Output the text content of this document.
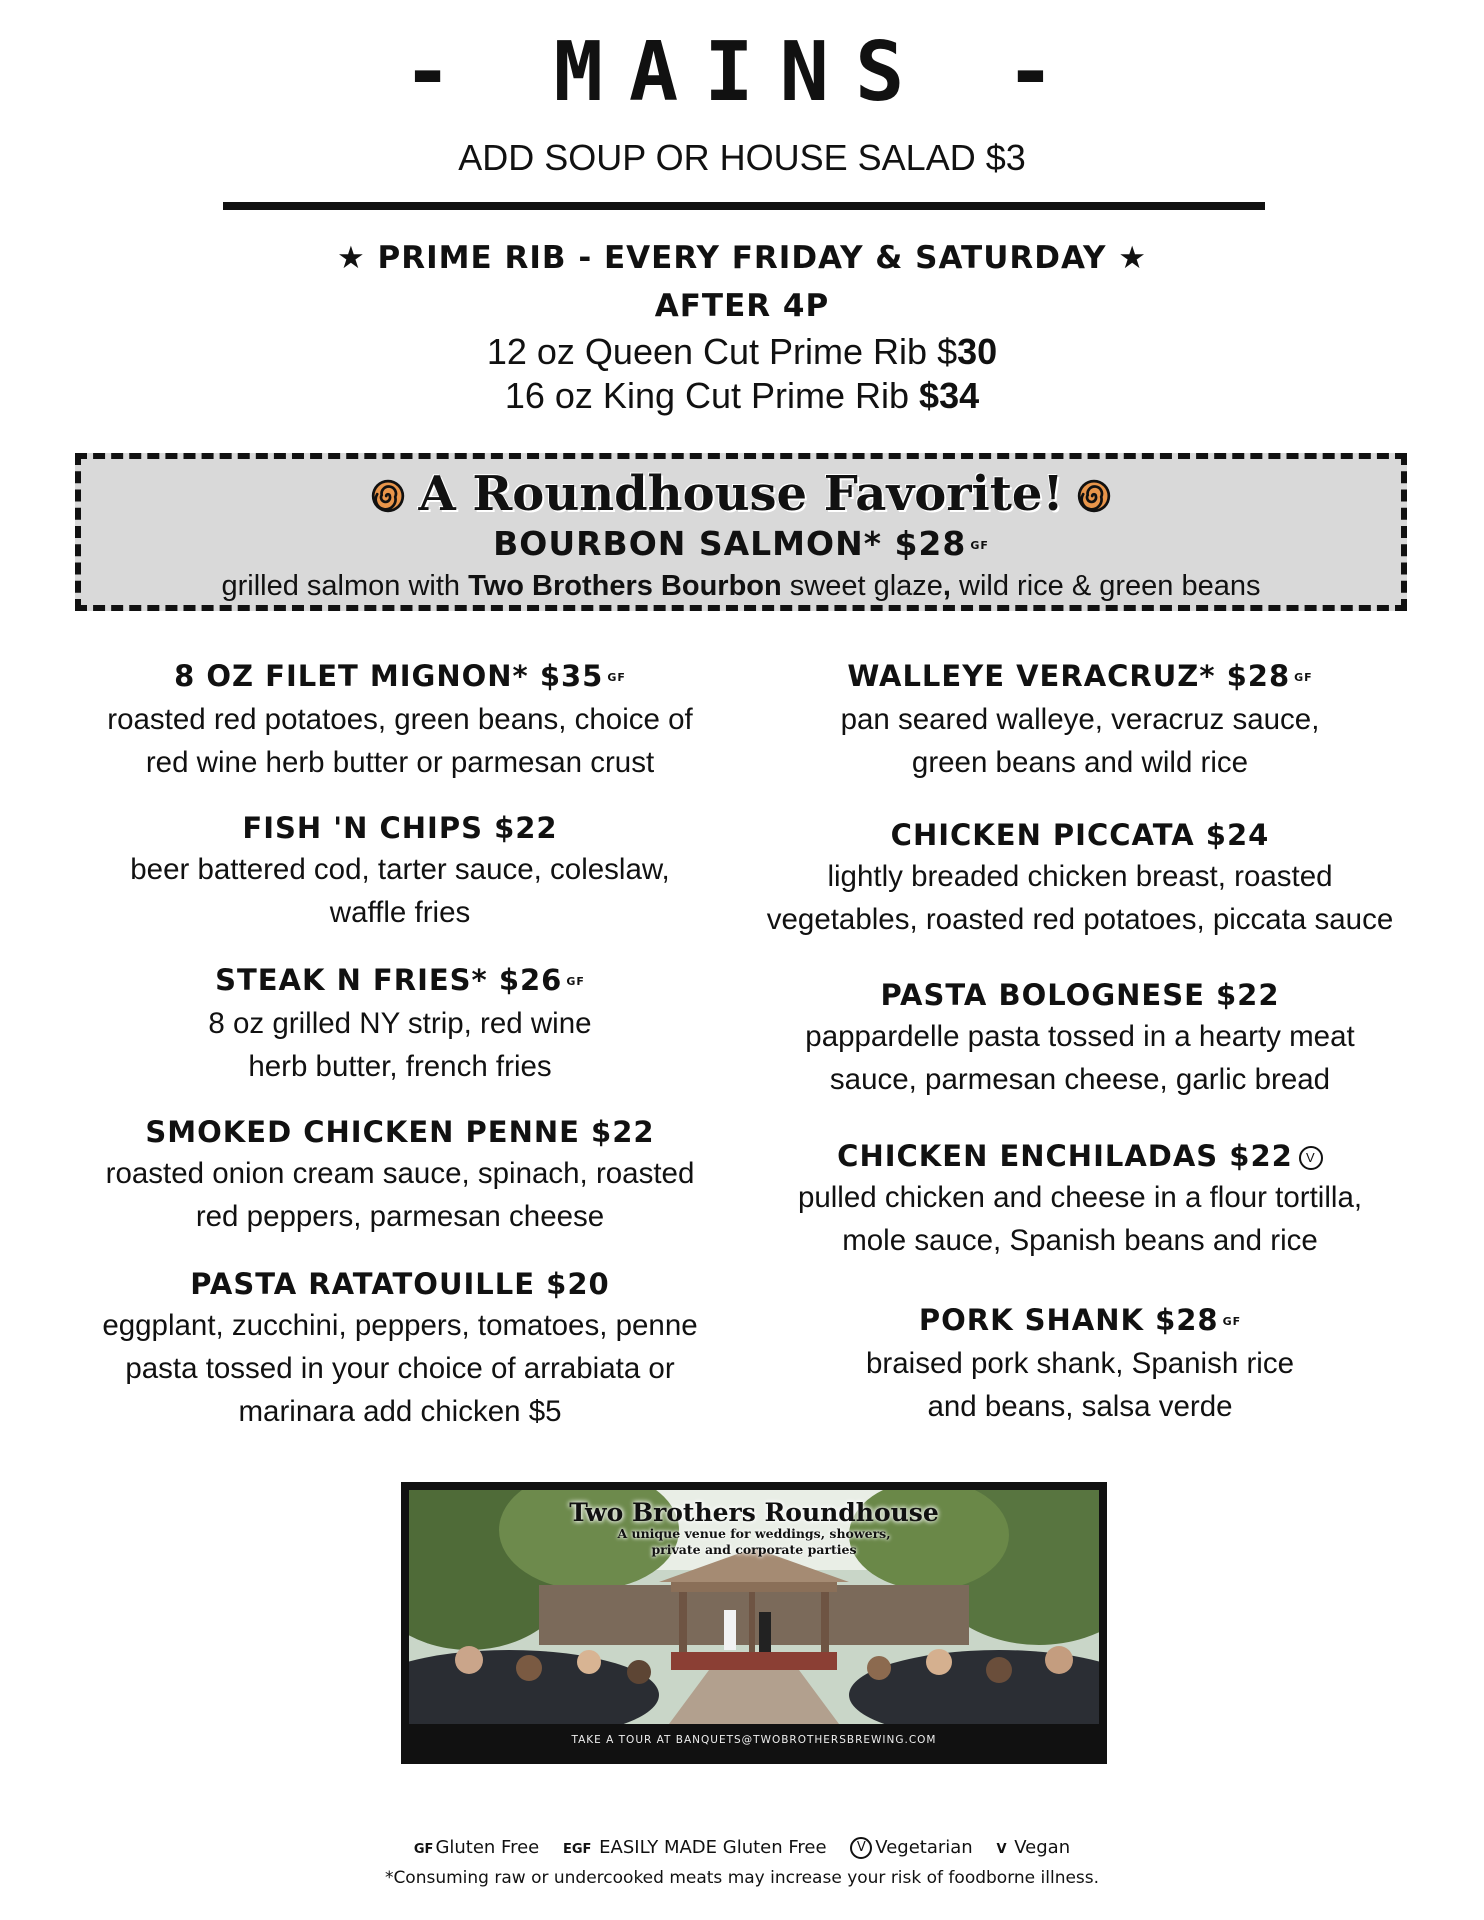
- MAINS -
ADD SOUP OR HOUSE SALAD $3
★ PRIME RIB - EVERY FRIDAY & SATURDAY ★
AFTER 4P
12 oz Queen Cut Prime Rib $30
16 oz King Cut Prime Rib $34
A Roundhouse Favorite!
BOURBON SALMON* $28 GF
grilled salmon with Two Brothers Bourbon sweet glaze, wild rice & green beans
8 OZ FILET MIGNON* $35 GF
roasted red potatoes, green beans, choice of
red wine herb butter or parmesan crust
FISH 'N CHIPS $22
beer battered cod, tarter sauce, coleslaw,
waffle fries
STEAK N FRIES* $26 GF
8 oz grilled NY strip, red wine
herb butter, french fries
SMOKED CHICKEN PENNE $22
roasted onion cream sauce, spinach, roasted
red peppers, parmesan cheese
PASTA RATATOUILLE $20
eggplant, zucchini, peppers, tomatoes, penne
pasta tossed in your choice of arrabiata or
marinara add chicken $5
WALLEYE VERACRUZ* $28 GF
pan seared walleye, veracruz sauce,
green beans and wild rice
CHICKEN PICCATA $24
lightly breaded chicken breast, roasted
vegetables, roasted red potatoes, piccata sauce
PASTA BOLOGNESE $22
pappardelle pasta tossed in a hearty meat
sauce, parmesan cheese, garlic bread
CHICKEN ENCHILADAS $22 V
pulled chicken and cheese in a flour tortilla,
mole sauce, Spanish beans and rice
PORK SHANK $28 GF
braised pork shank, Spanish rice
and beans, salsa verde
Two Brothers Roundhouse
A unique venue for weddings, showers,
private and corporate parties
TAKE A TOUR AT BANQUETS@TWOBROTHERSBREWING.COM
GF Gluten Free EGF EASILY MADE Gluten Free V Vegetarian V Vegan
*Consuming raw or undercooked meats may increase your risk of foodborne illness.
